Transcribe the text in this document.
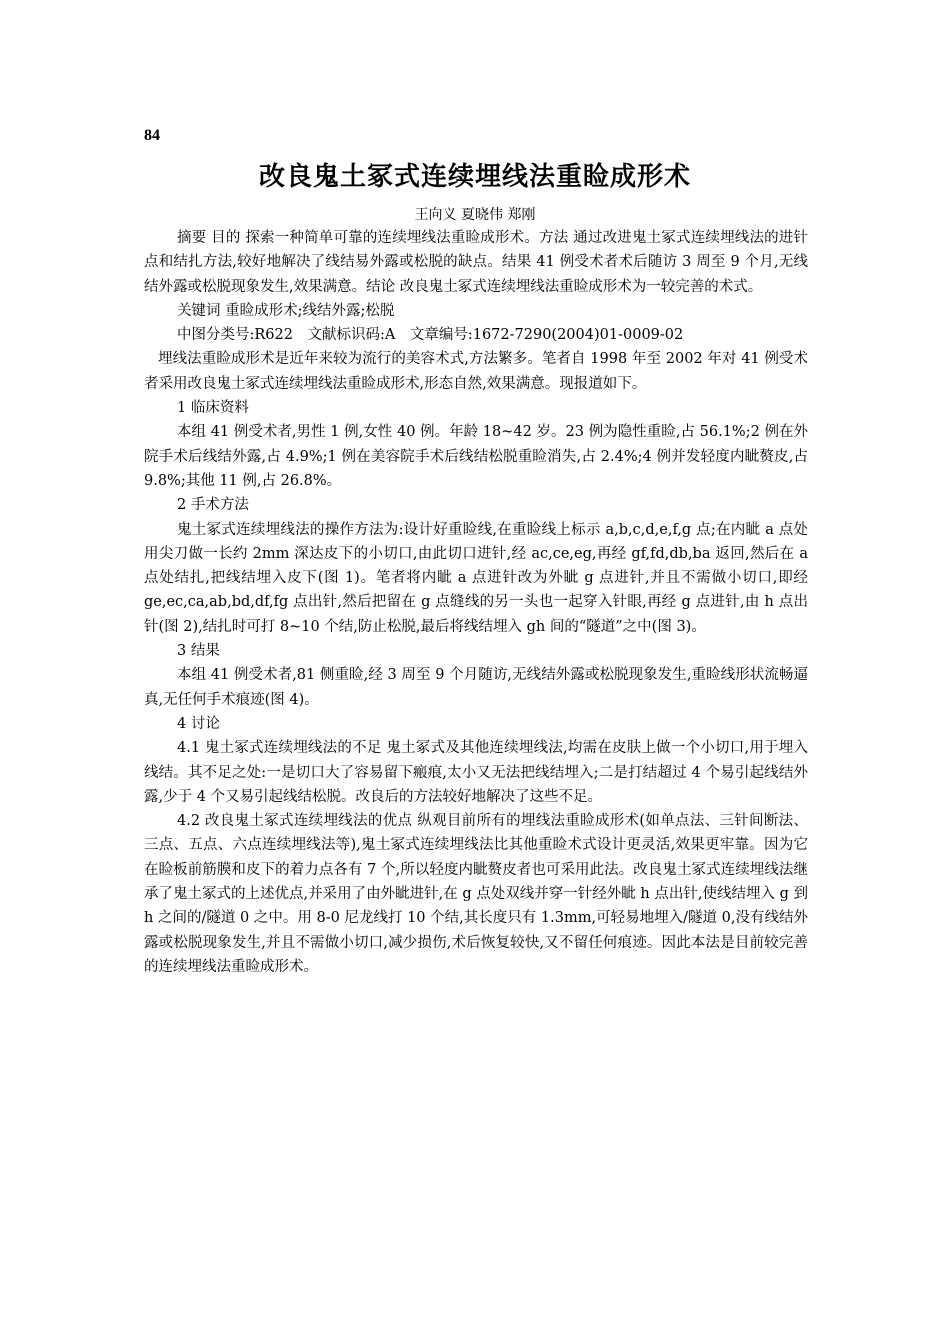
84
改良鬼土冢式连续埋线法重睑成形术
王向义 夏晓伟 郑刚

摘要 目的 探索一种简单可靠的连续埋线法重睑成形术。方法 通过改进鬼土冢式连续埋线法的进针点和结扎方法,较好地解决了线结易外露或松脱的缺点。结果 41 例受术者术后随访 3 周至 9 个月,无线结外露或松脱现象发生,效果满意。结论 改良鬼土冢式连续埋线法重睑成形术为一较完善的术式。

关键词 重睑成形术;线结外露;松脱

中图分类号:R622　文献标识码:A　文章编号:1672-7290(2004)01-0009-02

埋线法重睑成形术是近年来较为流行的美容术式,方法繁多。笔者自 1998 年至 2002 年对 41 例受术者采用改良鬼土冢式连续埋线法重睑成形术,形态自然,效果满意。现报道如下。

1 临床资料

本组 41 例受术者,男性 1 例,女性 40 例。年龄 18~42 岁。23 例为隐性重睑,占 56.1%;2 例在外院手术后线结外露,占 4.9%;1 例在美容院手术后线结松脱重睑消失,占 2.4%;4 例并发轻度内眦赘皮,占 9.8%;其他 11 例,占 26.8%。

2 手术方法

鬼土冢式连续埋线法的操作方法为:设计好重睑线,在重睑线上标示 a,b,c,d,e,f,g 点;在内眦 a 点处用尖刀做一长约 2mm 深达皮下的小切口,由此切口进针,经 ac,ce,eg,再经 gf,fd,db,ba 返回,然后在 a 点处结扎,把线结埋入皮下(图 1)。笔者将内眦 a 点进针改为外眦 g 点进针,并且不需做小切口,即经 ge,ec,ca,ab,bd,df,fg 点出针,然后把留在 g 点缝线的另一头也一起穿入针眼,再经 g 点进针,由 h 点出针(图 2),结扎时可打 8~10 个结,防止松脱,最后将线结埋入 gh 间的“隧道”之中(图 3)。

3 结果

本组 41 例受术者,81 侧重睑,经 3 周至 9 个月随访,无线结外露或松脱现象发生,重睑线形状流畅逼真,无任何手术痕迹(图 4)。

4 讨论

4.1 鬼土冢式连续埋线法的不足 鬼土冢式及其他连续埋线法,均需在皮肤上做一个小切口,用于埋入线结。其不足之处:一是切口大了容易留下瘢痕,太小又无法把线结埋入;二是打结超过 4 个易引起线结外露,少于 4 个又易引起线结松脱。改良后的方法较好地解决了这些不足。

4.2 改良鬼土冢式连续埋线法的优点 纵观目前所有的埋线法重睑成形术(如单点法、三针间断法、三点、五点、六点连续埋线法等),鬼土冢式连续埋线法比其他重睑术式设计更灵活,效果更牢靠。因为它在睑板前筋膜和皮下的着力点各有 7 个,所以轻度内眦赘皮者也可采用此法。改良鬼土冢式连续埋线法继承了鬼土冢式的上述优点,并采用了由外眦进针,在 g 点处双线并穿一针经外眦 h 点出针,使线结埋入 g 到 h 之间的/隧道 0 之中。用 8-0 尼龙线打 10 个结,其长度只有 1.3mm,可轻易地埋入/隧道 0,没有线结外露或松脱现象发生,并且不需做小切口,减少损伤,术后恢复较快,又不留任何痕迹。因此本法是目前较完善的连续埋线法重睑成形术。
